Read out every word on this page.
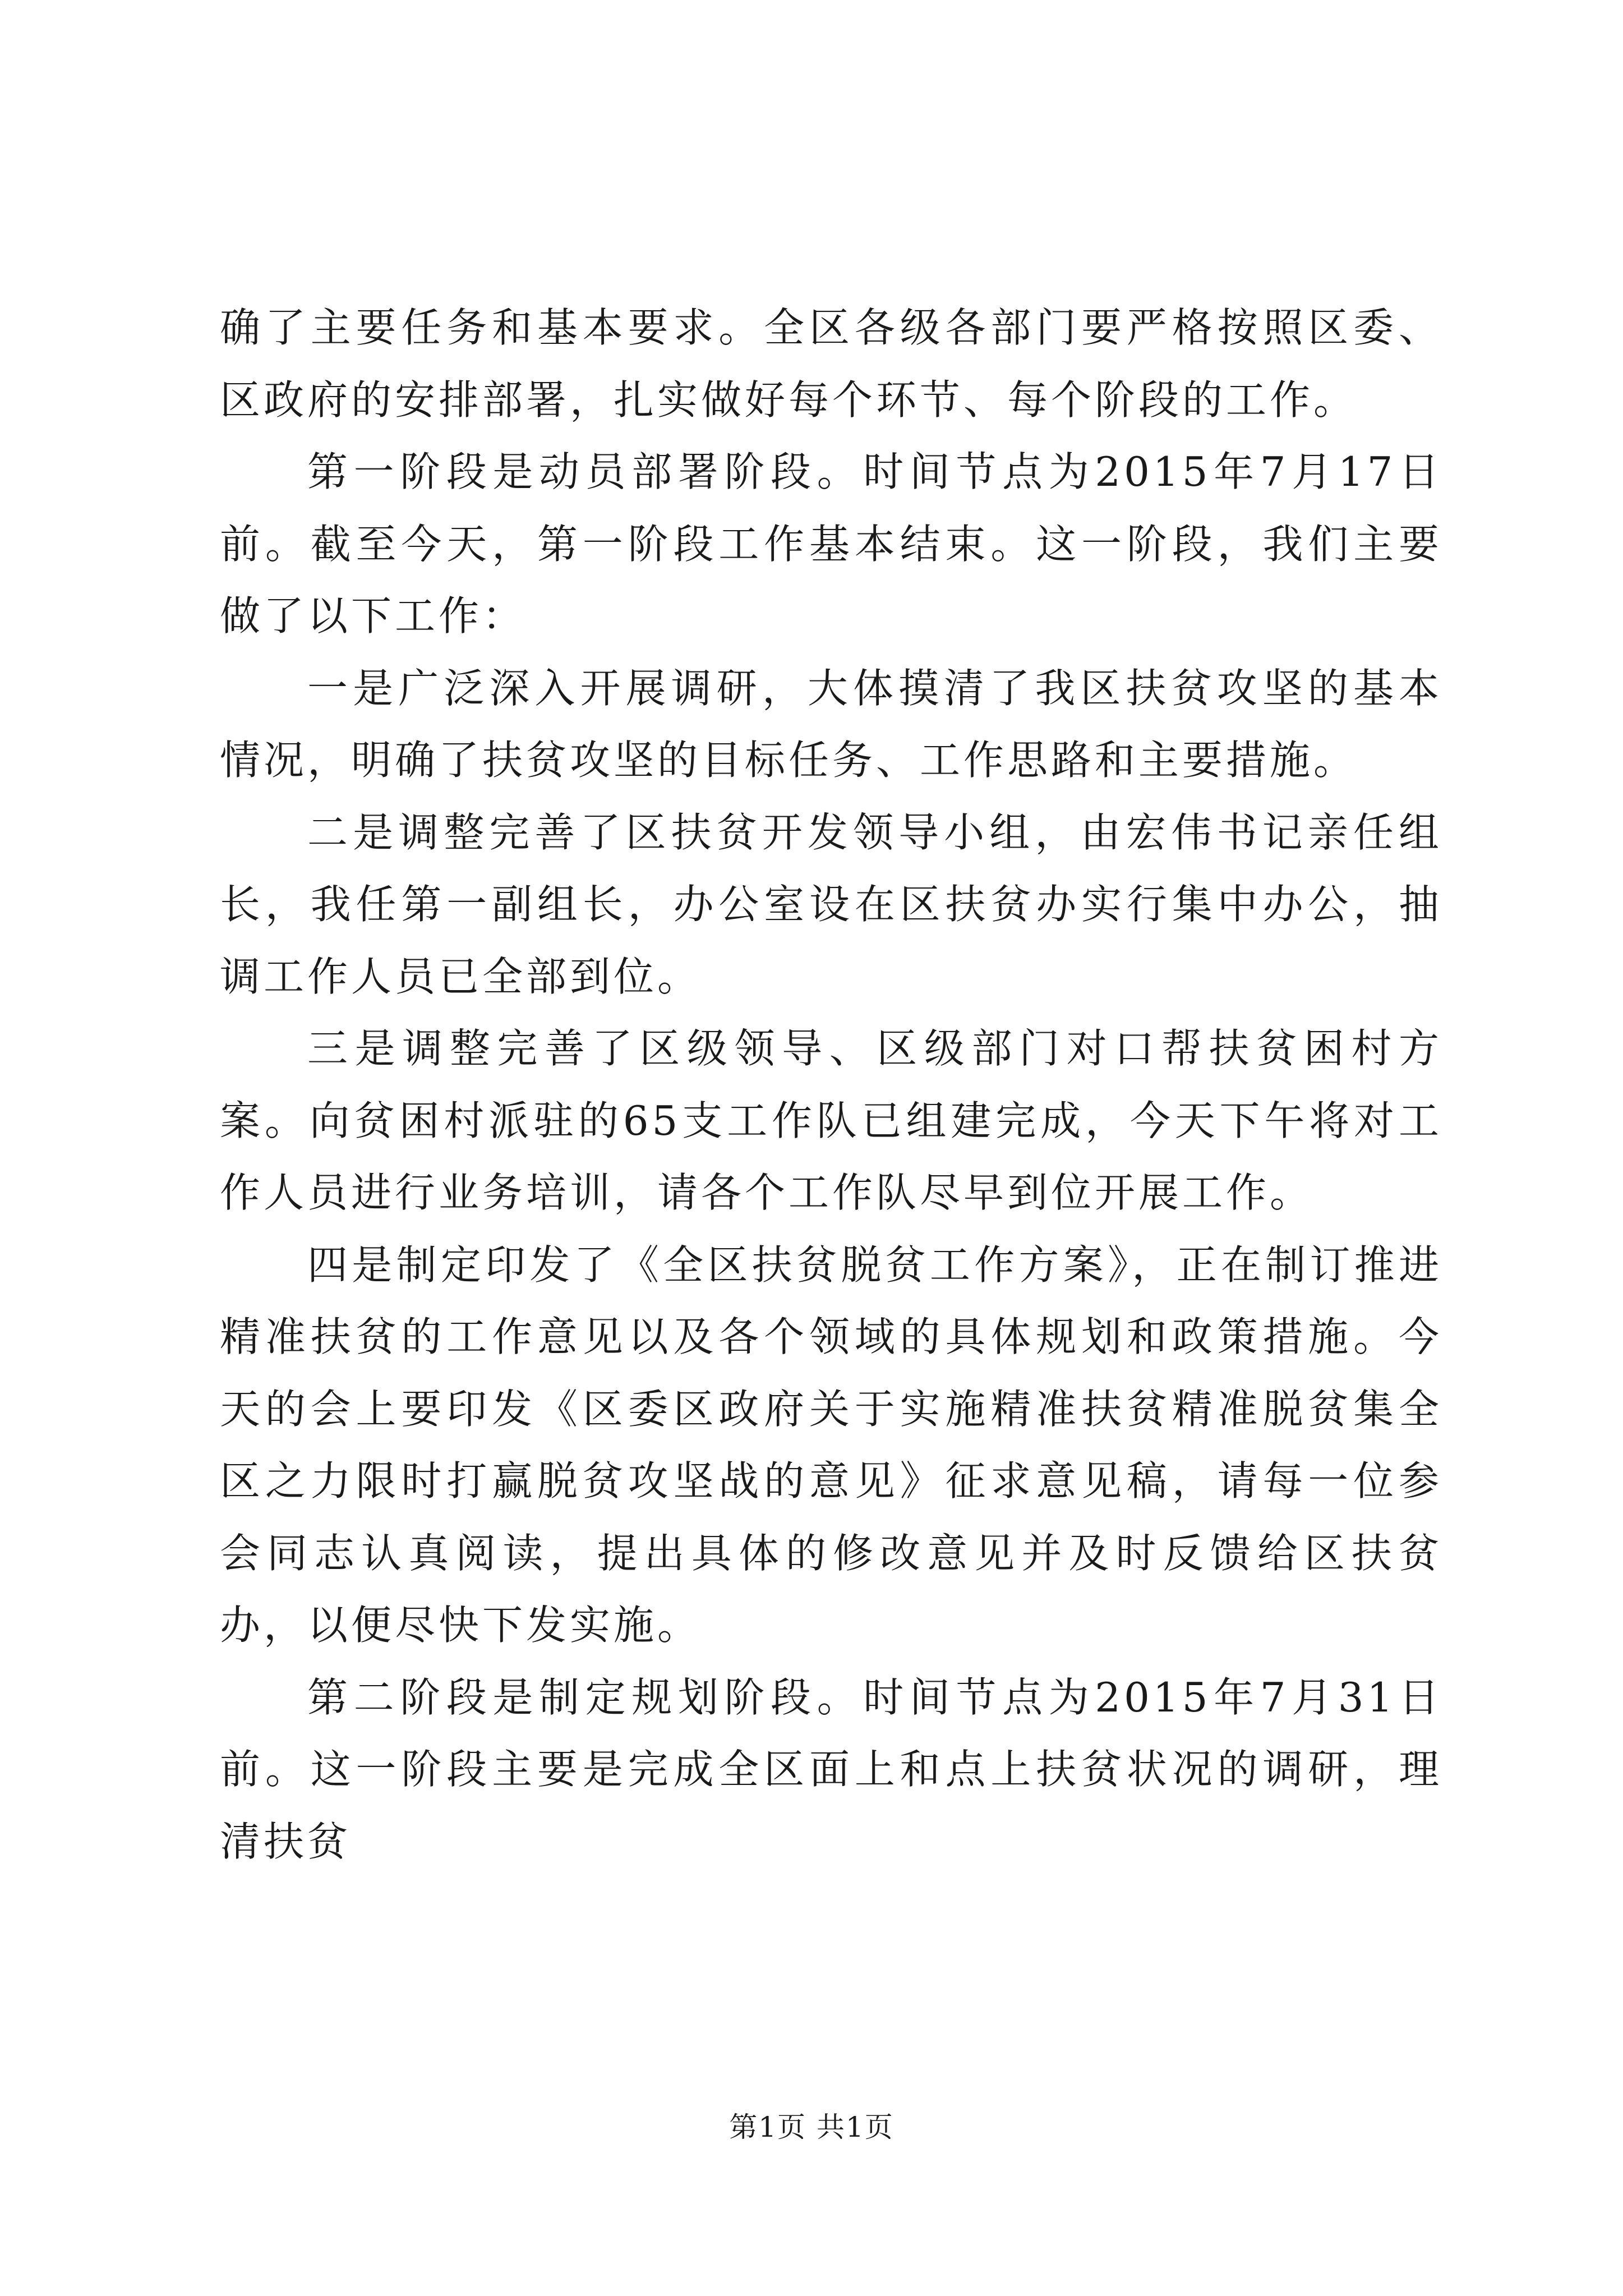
确了主要任务和基本要求。全区各级各部门要严格按照区委、区政府的安排部署，扎实做好每个环节、每个阶段的工作。

第一阶段是动员部署阶段。时间节点为2015年7月17日前。截至今天，第一阶段工作基本结束。这一阶段，我们主要做了以下工作：

一是广泛深入开展调研，大体摸清了我区扶贫攻坚的基本情况，明确了扶贫攻坚的目标任务、工作思路和主要措施。

二是调整完善了区扶贫开发领导小组，由宏伟书记亲任组长，我任第一副组长，办公室设在区扶贫办实行集中办公，抽调工作人员已全部到位。

三是调整完善了区级领导、区级部门对口帮扶贫困村方案。向贫困村派驻的65支工作队已组建完成，今天下午将对工作人员进行业务培训，请各个工作队尽早到位开展工作。

四是制定印发了《全区扶贫脱贫工作方案》，正在制订推进精准扶贫的工作意见以及各个领域的具体规划和政策措施。今天的会上要印发《区委区政府关于实施精准扶贫精准脱贫集全区之力限时打赢脱贫攻坚战的意见》征求意见稿，请每一位参会同志认真阅读，提出具体的修改意见并及时反馈给区扶贫办，以便尽快下发实施。

第二阶段是制定规划阶段。时间节点为2015年7月31日前。这一阶段主要是完成全区面上和点上扶贫状况的调研，理清扶贫

第1页 共1页
